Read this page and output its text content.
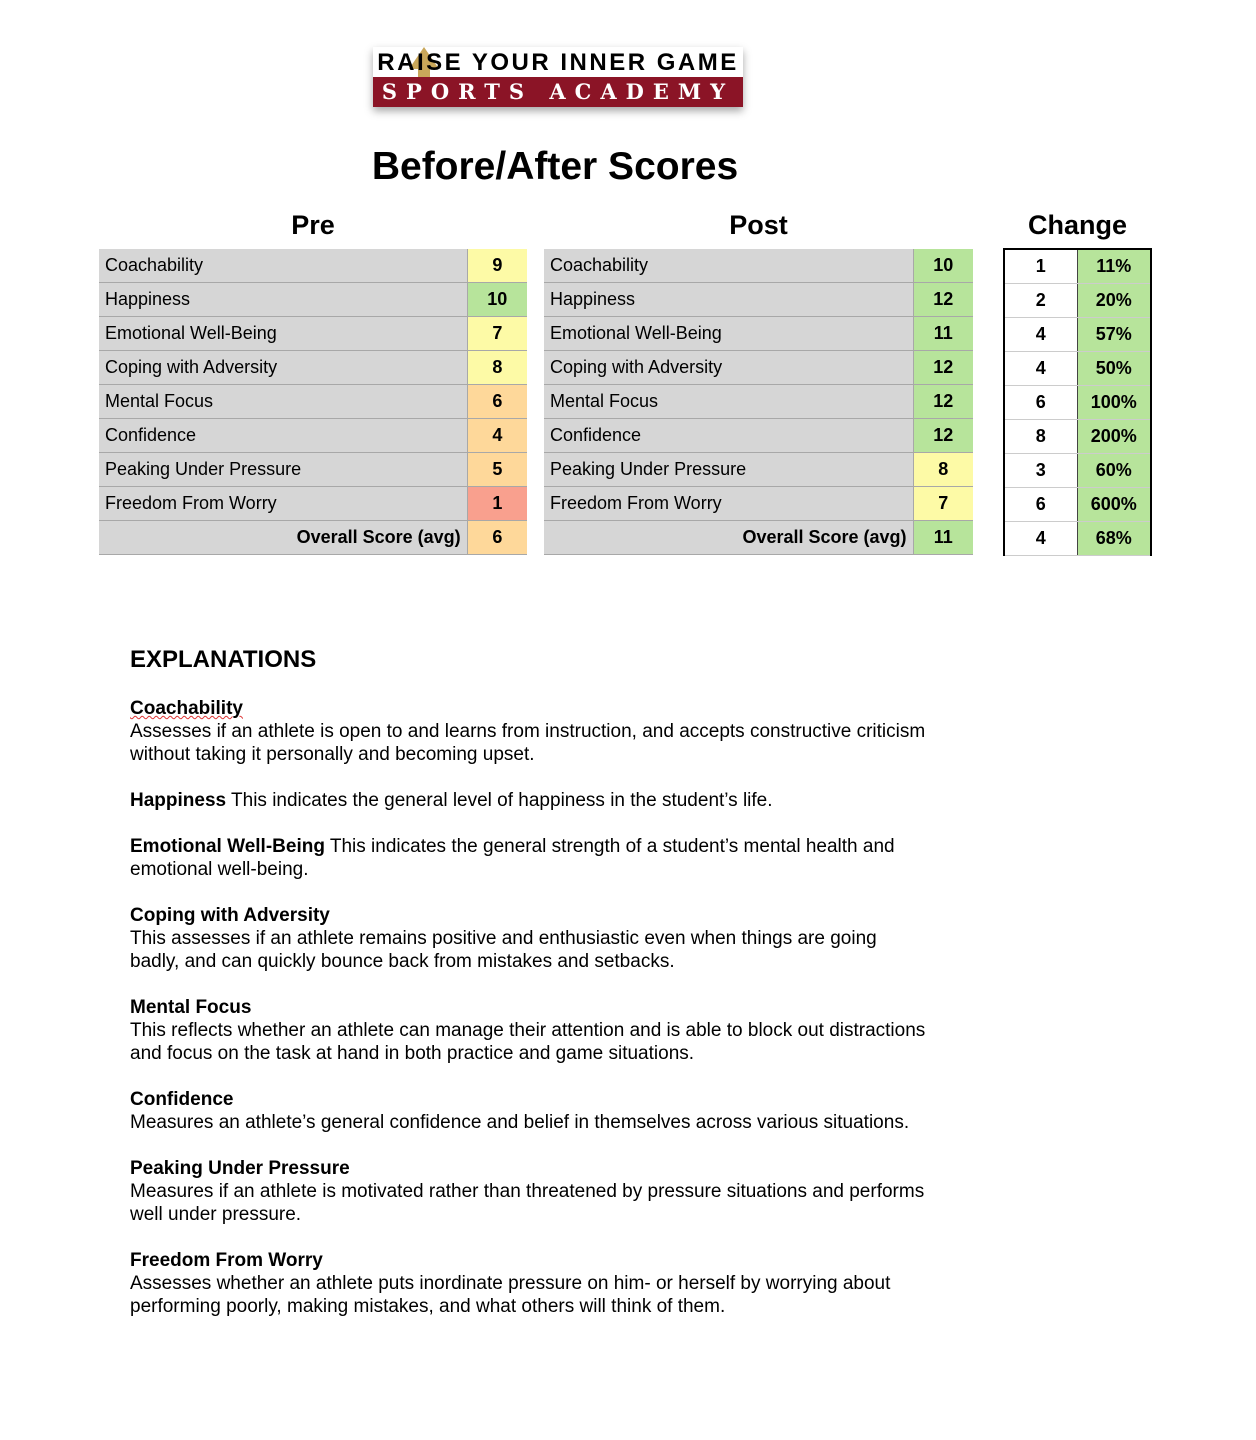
RAISE YOUR INNER GAME
SPORTS ACADEMY
Before/After Scores
Pre	Post	Change
Coachability	9
Happiness	10
Emotional Well-Being	7
Coping with Adversity	8
Mental Focus	6
Confidence	4
Peaking Under Pressure	5
Freedom From Worry	1
Overall Score (avg)	6
Coachability	10
Happiness	12
Emotional Well-Being	11
Coping with Adversity	12
Mental Focus	12
Confidence	12
Peaking Under Pressure	8
Freedom From Worry	7
Overall Score (avg)	11
1	11%
2	20%
4	57%
4	50%
6	100%
8	200%
3	60%
6	600%
4	68%
EXPLANATIONS

Coachability
Assesses if an athlete is open to and learns from instruction, and accepts constructive criticism without taking it personally and becoming upset.

Happiness This indicates the general level of happiness in the student’s life.

Emotional Well-Being This indicates the general strength of a student’s mental health and emotional well-being.

Coping with Adversity
This assesses if an athlete remains positive and enthusiastic even when things are going badly, and can quickly bounce back from mistakes and setbacks.

Mental Focus
This reflects whether an athlete can manage their attention and is able to block out distractions and focus on the task at hand in both practice and game situations.

Confidence
Measures an athlete’s general confidence and belief in themselves across various situations.

Peaking Under Pressure
Measures if an athlete is motivated rather than threatened by pressure situations and performs well under pressure.

Freedom From Worry
Assesses whether an athlete puts inordinate pressure on him- or herself by worrying about performing poorly, making mistakes, and what others will think of them.
